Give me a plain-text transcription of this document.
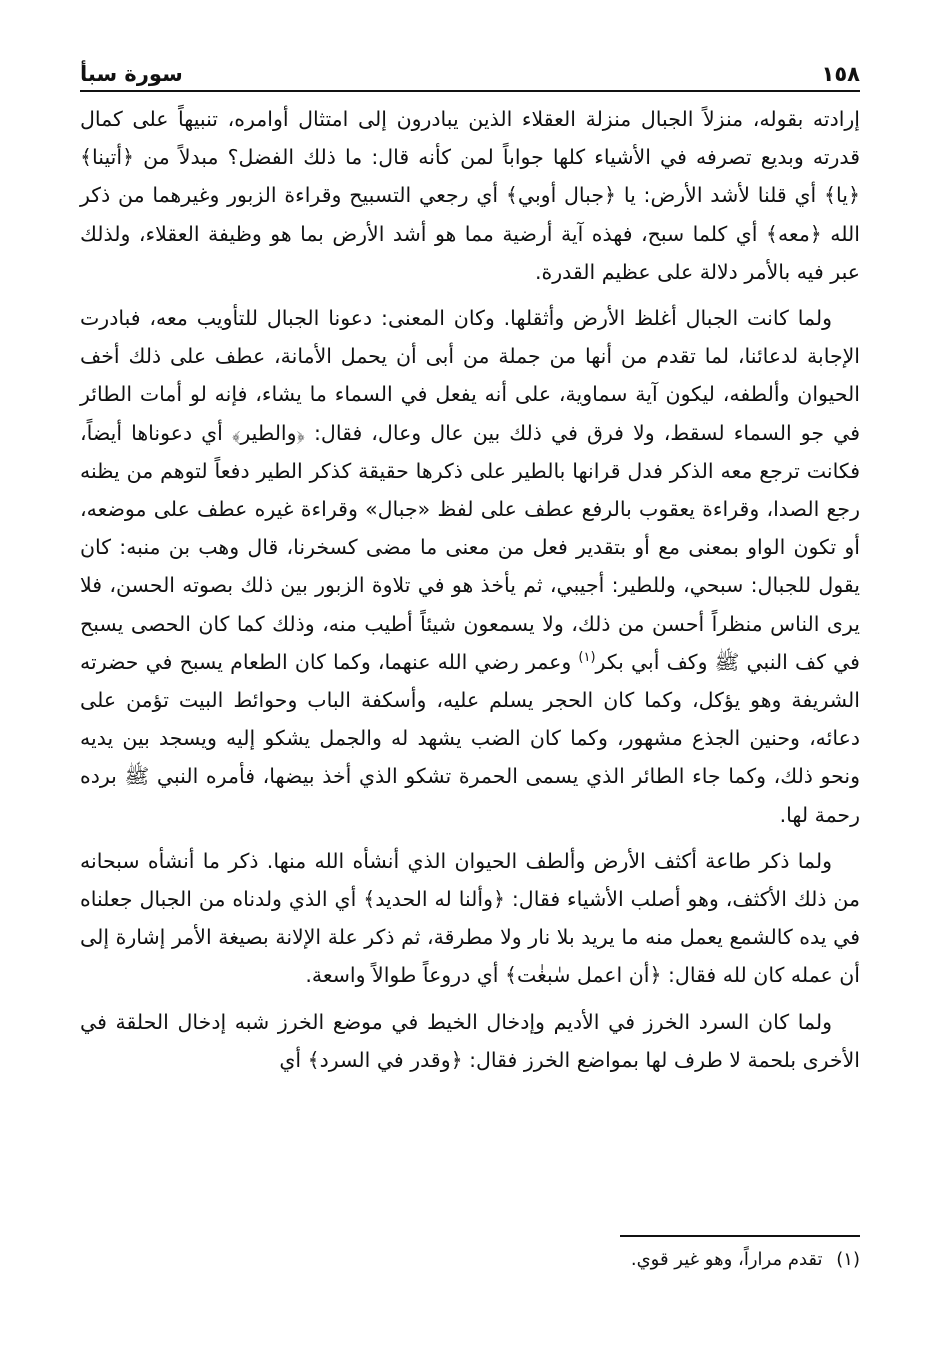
١٥٨
سورة سبأ

إرادته بقوله، منزلاً الجبال منزلة العقلاء الذين يبادرون إلى امتثال أوامره، تنبيهاً على كمال قدرته وبديع تصرفه في الأشياء كلها جواباً لمن كأنه قال: ما ذلك الفضل؟ مبدلاً من ﴿أتينا﴾ ﴿يا﴾ أي قلنا لأشد الأرض: يا ﴿جبال أوبي﴾ أي رجعي التسبيح وقراءة الزبور وغيرهما من ذكر الله ﴿معه﴾ أي كلما سبح، فهذه آية أرضية مما هو أشد الأرض بما هو وظيفة العقلاء، ولذلك عبر فيه بالأمر دلالة على عظيم القدرة.

ولما كانت الجبال أغلظ الأرض وأثقلها. وكان المعنى: دعونا الجبال للتأويب معه، فبادرت الإجابة لدعائنا، لما تقدم من أنها من جملة من أبى أن يحمل الأمانة، عطف على ذلك أخف الحيوان وألطفه، ليكون آية سماوية، على أنه يفعل في السماء ما يشاء، فإنه لو أمات الطائر في جو السماء لسقط، ولا فرق في ذلك بين عال وعال، فقال: ﴿والطير﴾ أي دعوناها أيضاً، فكانت ترجع معه الذكر فدل قرانها بالطير على ذكرها حقيقة كذكر الطير دفعاً لتوهم من يظنه رجع الصدا، وقراءة يعقوب بالرفع عطف على لفظ «جبال» وقراءة غيره عطف على موضعه، أو تكون الواو بمعنى مع أو بتقدير فعل من معنى ما مضى كسخرنا، قال وهب بن منبه: كان يقول للجبال: سبحي، وللطير: أجيبي، ثم يأخذ هو في تلاوة الزبور بين ذلك بصوته الحسن، فلا يرى الناس منظراً أحسن من ذلك، ولا يسمعون شيئاً أطيب منه، وذلك كما كان الحصى يسبح في كف النبي ﷺ وكف أبي بكر$^{(١)}$ وعمر رضي الله عنهما، وكما كان الطعام يسبح في حضرته الشريفة وهو يؤكل، وكما كان الحجر يسلم عليه، وأسكفة الباب وحوائط البيت تؤمن على دعائه، وحنين الجذع مشهور، وكما كان الضب يشهد له والجمل يشكو إليه ويسجد بين يديه ونحو ذلك، وكما جاء الطائر الذي يسمى الحمرة تشكو الذي أخذ بيضها، فأمره النبي ﷺ برده رحمة لها.

ولما ذكر طاعة أكثف الأرض وألطف الحيوان الذي أنشأه الله منها. ذكر ما أنشأه سبحانه من ذلك الأكثف، وهو أصلب الأشياء فقال: ﴿وألنا له الحديد﴾ أي الذي ولدناه من الجبال جعلناه في يده كالشمع يعمل منه ما يريد بلا نار ولا مطرقة، ثم ذكر علة الإلانة بصيغة الأمر إشارة إلى أن عمله كان لله فقال: ﴿أن اعمل سٰبغٰت﴾ أي دروعاً طوالاً واسعة.

ولما كان السرد الخرز في الأديم وإدخال الخيط في موضع الخرز شبه إدخال الحلقة في الأخرى بلحمة لا طرف لها بمواضع الخرز فقال: ﴿وقدر في السرد﴾ أي

(١) تقدم مراراً، وهو غير قوي.
